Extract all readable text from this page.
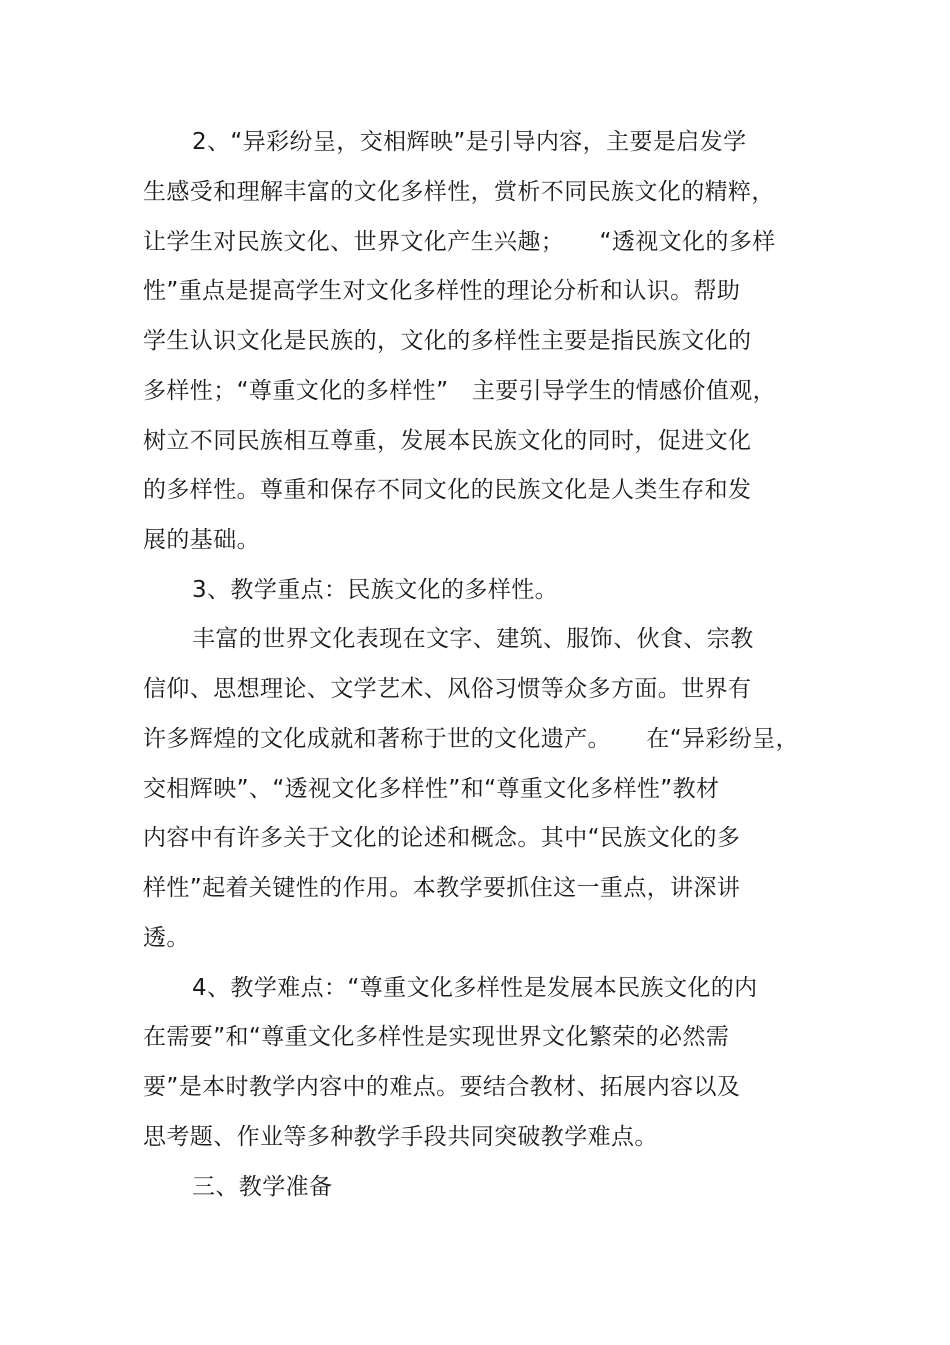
2、“异彩纷呈，交相辉映”是引导内容，主要是启发学
生感受和理解丰富的文化多样性，赏析不同民族文化的精粹，
让学生对民族文化、世界文化产生兴趣；　　“透视文化的多样
性”重点是提高学生对文化多样性的理论分析和认识。帮助
学生认识文化是民族的，文化的多样性主要是指民族文化的
多样性；“尊重文化的多样性”　主要引导学生的情感价值观，
树立不同民族相互尊重，发展本民族文化的同时，促进文化
的多样性。尊重和保存不同文化的民族文化是人类生存和发
展的基础。
3、教学重点：民族文化的多样性。
丰富的世界文化表现在文字、建筑、服饰、伙食、宗教
信仰、思想理论、文学艺术、风俗习惯等众多方面。世界有
许多辉煌的文化成就和著称于世的文化遗产。　　在“异彩纷呈，
交相辉映”、“透视文化多样性”和“尊重文化多样性”教材
内容中有许多关于文化的论述和概念。其中“民族文化的多
样性”起着关键性的作用。本教学要抓住这一重点，讲深讲
透。
4、教学难点：“尊重文化多样性是发展本民族文化的内
在需要”和“尊重文化多样性是实现世界文化繁荣的必然需
要”是本时教学内容中的难点。要结合教材、拓展内容以及
思考题、作业等多种教学手段共同突破教学难点。
三、教学准备
